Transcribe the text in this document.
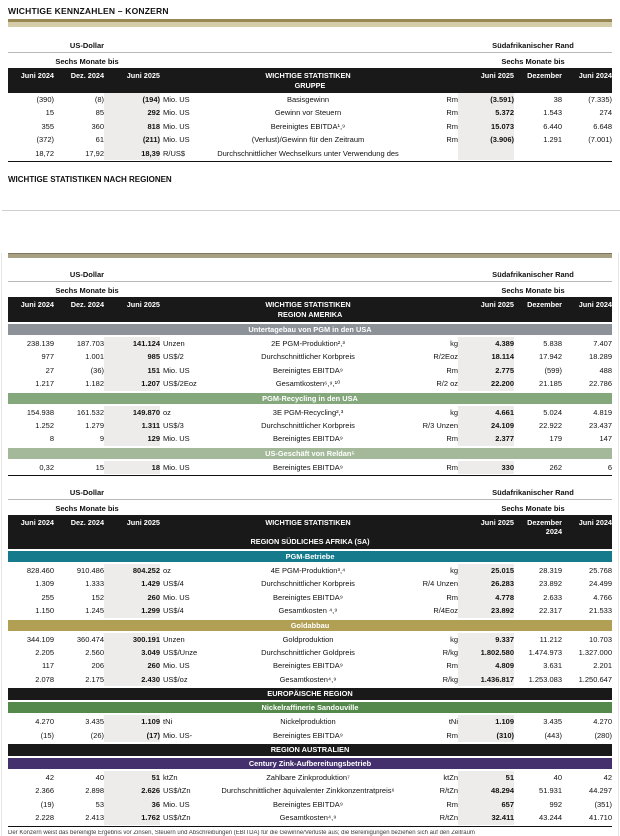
WICHTIGE KENNZAHLEN – KONZERN
US-Dollar	Südafrikanischer Rand
Sechs Monate bis	Sechs Monate bis
Juni 2024	Dez. 2024	Juni 2025	WICHTIGE STATISTIKEN	Juni 2025	Dezember	Juni 2024
GRUPPE
(390)	(8)	(194) Mio. US	Basisgewinn	Rm	(3.591)	38	(7.335)
15	85	292 Mio. US	Gewinn vor Steuern	Rm	5.372	1.543	274
355	360	818 Mio. US	Bereinigtes EBITDA¹,⁹	Rm	15.073	6.440	6.648
(372)	61	(211) Mio. US	(Verlust)/Gewinn für den Zeitraum	Rm	(3.906)	1.291	(7.001)
18,72	17,92	18,39 R/US$	Durchschnittlicher Wechselkurs unter Verwendung des
WICHTIGE STATISTIKEN NACH REGIONEN
US-Dollar	Südafrikanischer Rand
Sechs Monate bis	Sechs Monate bis
Juni 2024	Dez. 2024	Juni 2025	WICHTIGE STATISTIKEN	Juni 2025	Dezember	Juni 2024
REGION AMERIKA
Untertagebau von PGM in den USA
238.139	187.703	141.124 Unzen	2E PGM-Produktion²,³	kg	4.389	5.838	7.407
977	1.001	985 US$/2	Durchschnittlicher Korbpreis	R/2Eoz	18.114	17.942	18.289
27	(36)	151 Mio. US	Bereinigtes EBITDA⁹	Rm	2.775	(599)	488
1.217	1.182	1.207 US$/2Eoz	Gesamtkosten⁶,⁹,¹⁰	R/2 oz	22.200	21.185	22.786
PGM-Recycling in den USA
154.938	161.532	149.870 oz	3E PGM-Recycling²,³	kg	4.661	5.024	4.819
1.252	1.279	1.311 US$/3	Durchschnittlicher Korbpreis	R/3 Unzen	24.109	22.922	23.437
8	9	129 Mio. US	Bereinigtes EBITDA⁹	Rm	2.377	179	147
US-Geschäft von Reldan⁵
0,32	15	18 Mio. US	Bereinigtes EBITDA⁹	Rm	330	262	6
US-Dollar	Südafrikanischer Rand
Sechs Monate bis	Sechs Monate bis
Juni 2024	Dez. 2024	Juni 2025	WICHTIGE STATISTIKEN	Juni 2025	Dezember 2024
Juni 2024
REGION SÜDLICHES AFRIKA (SA)
PGM-Betriebe
828.460	910.486	804.252 oz	4E PGM-Produktion³,⁴	kg	25.015	28.319	25.768
1.309	1.333	1.429 US$/4	Durchschnittlicher Korbpreis	R/4 Unzen	26.283	23.892	24.499
255	152	260 Mio. US	Bereinigtes EBITDA⁹	Rm	4.778	2.633	4.766
1.150	1.245	1.299 US$/4	Gesamtkosten ⁴,⁹	R/4Eoz	23.892	22.317	21.533
Goldabbau
344.109	360.474	300.191 Unzen	Goldproduktion	kg	9.337	11.212	10.703
2.205	2.560	3.049 US$/Unze	Durchschnittlicher Goldpreis	R/kg	1.802.580	1.474.973	1.327.000
117	206	260 Mio. US	Bereinigtes EBITDA⁹	Rm	4.809	3.631	2.201
2.078	2.175	2.430 US$/oz	Gesamtkosten⁴,⁹	R/kg	1.436.817	1.253.083	1.250.647
EUROPÄISCHE REGION
Nickelraffinerie Sandouville
4.270	3.435	1.109 tNi	Nickelproduktion	tNi	1.109	3.435	4.270
(15)	(26)	(17) Mio. US-	Bereinigtes EBITDA⁹	Rm	(310)	(443)	(280)
REGION AUSTRALIEN
Century Zink-Aufbereitungsbetrieb
42	40	51 ktZn	Zahlbare Zinkproduktion⁷	ktZn	51	40	42
2.366	2.898	2.626 US$/tZn	Durchschnittlicher äquivalenter Zinkkonzentratpreis⁶	R/tZn	48.294	51.931	44.297
(19)	53	36 Mio. US	Bereinigtes EBITDA⁹	Rm	657	992	(351)
2.228	2.413	1.762 US$/tZn	Gesamtkosten⁴,⁹	R/tZn	32.411	43.244	41.710
Der Konzern weist das bereinigte Ergebnis vor Zinsen, Steuern und Abschreibungen (EBITDA) für die Gewinne/Verluste aus; die Bereinigungen beziehen sich auf den Zeitraum
